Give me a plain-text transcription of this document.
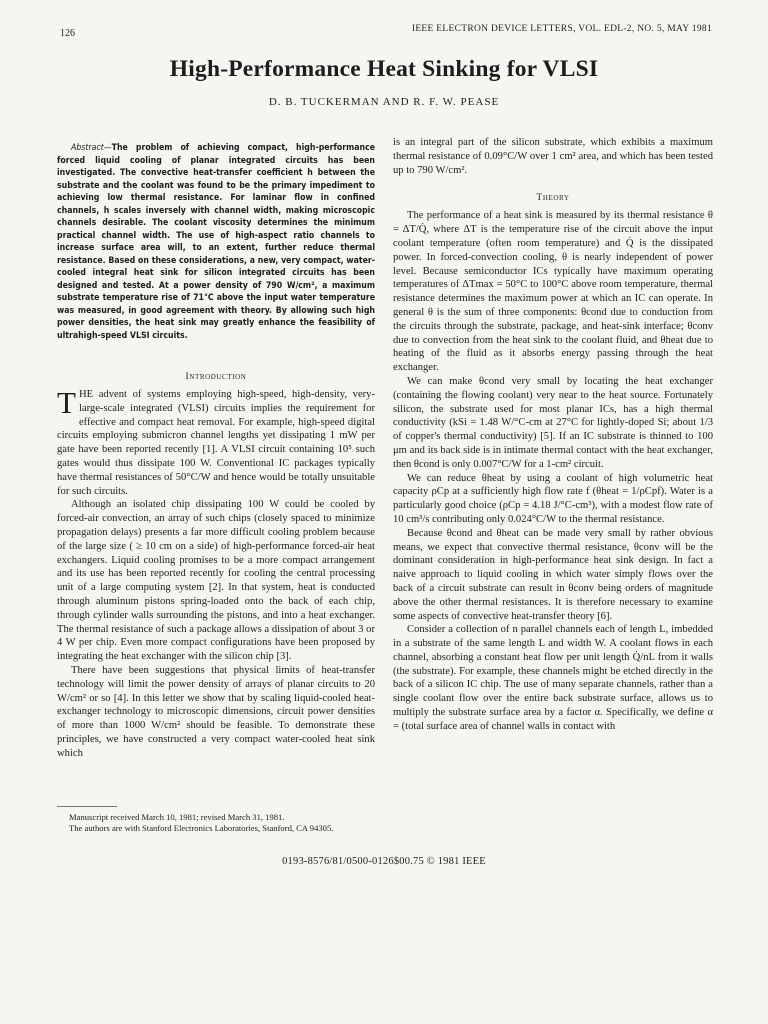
126	IEEE ELECTRON DEVICE LETTERS, VOL. EDL-2, NO. 5, MAY 1981
High-Performance Heat Sinking for VLSI
D. B. TUCKERMAN AND R. F. W. PEASE

Abstract—The problem of achieving compact, high-performance forced liquid cooling of planar integrated circuits has been investigated. The convective heat-transfer coefficient h between the substrate and the coolant was found to be the primary impediment to achieving low thermal resistance. For laminar flow in confined channels, h scales inversely with channel width, making microscopic channels desirable. The coolant viscosity determines the minimum practical channel width. The use of high-aspect ratio channels to increase surface area will, to an extent, further reduce thermal resistance. Based on these considerations, a new, very compact, water-cooled integral heat sink for silicon integrated circuits has been designed and tested. At a power density of 790 W/cm², a maximum substrate temperature rise of 71°C above the input water temperature was measured, in good agreement with theory. By allowing such high power densities, the heat sink may greatly enhance the feasibility of ultrahigh-speed VLSI circuits.

Introduction

THE advent of systems employing high-speed, high-density, very-large-scale integrated (VLSI) circuits implies the requirement for effective and compact heat removal. For example, high-speed digital circuits employing submicron channel lengths yet dissipating 1 mW per gate have been reported recently [1]. A VLSI circuit containing 10⁵ such gates would thus dissipate 100 W. Conventional IC packages typically have thermal resistances of 50°C/W and hence would be totally unsuitable for such circuits.

Although an isolated chip dissipating 100 W could be cooled by forced-air convection, an array of such chips (closely spaced to minimize propagation delays) presents a far more difficult cooling problem because of the large size ( ≥ 10 cm on a side) of high-performance forced-air heat exchangers. Liquid cooling promises to be a more compact arrangement and its use has been reported recently for cooling the central processing unit of a large computing system [2]. In that system, heat is conducted through aluminum pistons spring-loaded onto the back of each chip, through cylinder walls surrounding the pistons, and into a heat exchanger. The thermal resistance of such a package allows a dissipation of about 3 or 4 W per chip. Even more compact configurations have been proposed by integrating the heat exchanger with the silicon chip [3].

There have been suggestions that physical limits of heat-transfer technology will limit the power density of arrays of planar circuits to 20 W/cm² or so [4]. In this letter we show that by scaling liquid-cooled heat-exchanger technology to microscopic dimensions, circuit power densities of more than 1000 W/cm² should be feasible. To demonstrate these principles, we have constructed a very compact water-cooled heat sink which

is an integral part of the silicon substrate, which exhibits a maximum thermal resistance of 0.09°C/W over 1 cm² area, and which has been tested up to 790 W/cm².

Theory

The performance of a heat sink is measured by its thermal resistance θ = ΔT/Q̇, where ΔT is the temperature rise of the circuit above the input coolant temperature (often room temperature) and Q̇ is the dissipated power. In forced-convection cooling, θ is nearly independent of power level. Because semiconductor ICs typically have maximum operating temperatures of ΔTmax = 50°C to 100°C above room temperature, thermal resistance determines the maximum power at which an IC can operate. In general θ is the sum of three components: θcond due to conduction from the circuits through the substrate, package, and heat-sink interface; θconv due to convection from the heat sink to the coolant fluid, and θheat due to heating of the fluid as it absorbs energy passing through the heat exchanger.

We can make θcond very small by locating the heat exchanger (containing the flowing coolant) very near to the heat source. Fortunately silicon, the substrate used for most planar ICs, has a high thermal conductivity (kSi = 1.48 W/°C-cm at 27°C for lightly-doped Si; about 1/3 of copper's thermal conductivity) [5]. If an IC substrate is thinned to 100 μm and its back side is in intimate thermal contact with the heat exchanger, then θcond is only 0.007°C/W for a 1-cm² circuit.

We can reduce θheat by using a coolant of high volumetric heat capacity ρCp at a sufficiently high flow rate f (θheat = 1/ρCpf). Water is a particularly good choice (ρCp = 4.18 J/°C-cm³), with a modest flow rate of 10 cm³/s contributing only 0.024°C/W to the thermal resistance.

Because θcond and θheat can be made very small by rather obvious means, we expect that convective thermal resistance, θconv will be the dominant consideration in high-performance heat sink design. In fact a naive approach to liquid cooling in which water simply flows over the back of a circuit substrate can result in θconv being orders of magnitude above the other thermal resistances. It is therefore necessary to examine some aspects of convective heat-transfer theory [6].

Consider a collection of n parallel channels each of length L, imbedded in a substrate of the same length L and width W. A coolant flows in each channel, absorbing a constant heat flow per unit length Q̇/nL from it walls (the substrate). For example, these channels might be etched directly in the back of a silicon IC chip. The use of many separate channels, rather than a single coolant flow over the entire back substrate surface, allows us to multiply the substrate surface area by a factor α. Specifically, we define α = (total surface area of channel walls in contact with

Manuscript received March 10, 1981; revised March 31, 1981.

The authors are with Stanford Electronics Laboratories, Stanford, CA 94305.

0193-8576/81/0500-0126$00.75 © 1981 IEEE
